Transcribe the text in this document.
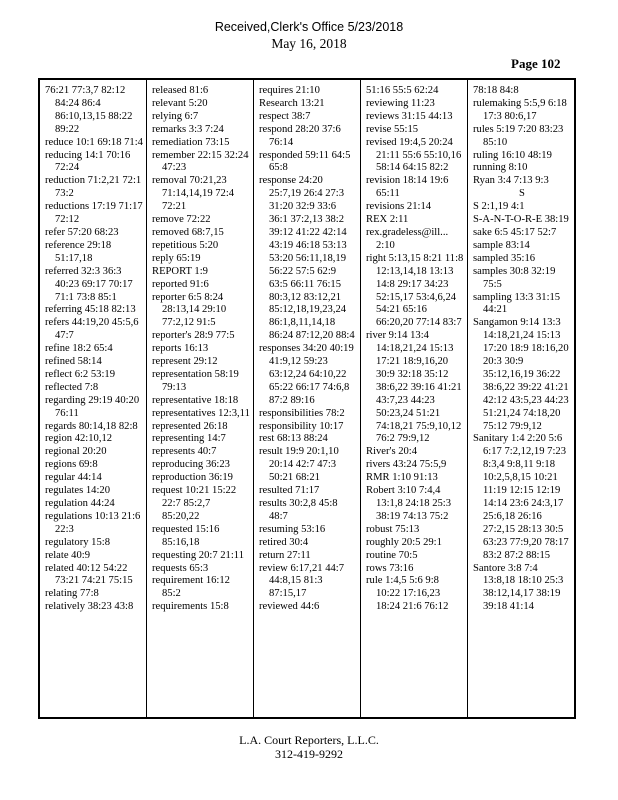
Received,Clerk's Office 5/23/2018
May 16, 2018
Page 102

76:21 77:3,7 82:12 84:24 86:4 86:10,13,15 88:22 89:22

reduce 10:1 69:18 71:4

reducing 14:1 70:16 72:24

reduction 71:2,21 72:1 73:2

reductions 17:19 71:17 72:12

refer 57:20 68:23

reference 29:18 51:17,18

referred 32:3 36:3 40:23 69:17 70:17 71:1 73:8 85:1

referring 45:18 82:13

refers 44:19,20 45:5,6 47:7

refine 18:2 65:4

refined 58:14

reflect 6:2 53:19

reflected 7:8

regarding 29:19 40:20 76:11

regards 80:14,18 82:8

region 42:10,12

regional 20:20

regions 69:8

regular 44:14

regulates 14:20

regulation 44:24

regulations 10:13 21:6 22:3

regulatory 15:8

relate 40:9

related 40:12 54:22 73:21 74:21 75:15

relating 77:8

relatively 38:23 43:8

released 81:6

relevant 5:20

relying 6:7

remarks 3:3 7:24

remediation 73:15

remember 22:15 32:24 47:23

removal 70:21,23 71:14,14,19 72:4 72:21

remove 72:22

removed 68:7,15

repetitious 5:20

reply 65:19

REPORT 1:9

reported 91:6

reporter 6:5 8:24 28:13,14 29:10 77:2,12 91:5

reporter's 28:9 77:5

reports 16:13

represent 29:12

representation 58:19 79:13

representative 18:18

representatives 12:3,11

represented 26:18

representing 14:7

represents 40:7

reproducing 36:23

reproduction 36:19

request 10:21 15:22 22:7 85:2,7 85:20,22

requested 15:16 85:16,18

requesting 20:7 21:11

requests 65:3

requirement 16:12 85:2

requirements 15:8

requires 21:10

Research 13:21

respect 38:7

respond 28:20 37:6 76:14

responded 59:11 64:5 65:8

response 24:20 25:7,19 26:4 27:3 31:20 32:9 33:6 36:1 37:2,13 38:2 39:12 41:22 42:14 43:19 46:18 53:13 53:20 56:11,18,19 56:22 57:5 62:9 63:5 66:11 76:15 80:3,12 83:12,21 85:12,18,19,23,24 86:1,8,11,14,18 86:24 87:12,20 88:4

responses 34:20 40:19 41:9,12 59:23 63:12,24 64:10,22 65:22 66:17 74:6,8 87:2 89:16

responsibilities 78:2

responsibility 10:17

rest 68:13 88:24

result 19:9 20:1,10 20:14 42:7 47:3 50:21 68:21

resulted 71:17

results 30:2,8 45:8 48:7

resuming 53:16

retired 30:4

return 27:11

review 6:17,21 44:7 44:8,15 81:3 87:15,17

reviewed 44:6

51:16 55:5 62:24

reviewing 11:23

reviews 31:15 44:13

revise 55:15

revised 19:4,5 20:24 21:11 55:6 55:10,16 58:14 64:15 82:2

revision 18:14 19:6 65:11

revisions 21:14

REX 2:11

rex.gradeless@ill... 2:10

right 5:13,15 8:21 11:8 12:13,14,18 13:13 14:8 29:17 34:23 52:15,17 53:4,6,24 54:21 65:16 66:20,20 77:14 83:7

river 9:14 13:4 14:18,21,24 15:13 17:21 18:9,16,20 30:9 32:18 35:12 38:6,22 39:16 41:21 43:7,23 44:23 50:23,24 51:21 74:18,21 75:9,10,12 76:2 79:9,12

River's 20:4

rivers 43:24 75:5,9

RMR 1:10 91:13

Robert 3:10 7:4,4 13:1,8 24:18 25:3 38:19 74:13 75:2

robust 75:13

roughly 20:5 29:1

routine 70:5

rows 73:16

rule 1:4,5 5:6 9:8 10:22 17:16,23 18:24 21:6 76:12

78:18 84:8

rulemaking 5:5,9 6:18 17:3 80:6,17

rules 5:19 7:20 83:23 85:10

ruling 16:10 48:19

running 8:10

Ryan 3:4 7:13 9:3

S

S 2:1,19 4:1

S-A-N-T-O-R-E 38:19

sake 6:5 45:17 52:7

sample 83:14

sampled 35:16

samples 30:8 32:19 75:5

sampling 13:3 31:15 44:21

Sangamon 9:14 13:3 14:18,21,24 15:13 17:20 18:9 18:16,20 20:3 30:9 35:12,16,19 36:22 38:6,22 39:22 41:21 42:12 43:5,23 44:23 51:21,24 74:18,20 75:12 79:9,12

Sanitary 1:4 2:20 5:6 6:17 7:2,12,19 7:23 8:3,4 9:8,11 9:18 10:2,5,8,15 10:21 11:19 12:15 12:19 14:14 23:6 24:3,17 25:6,18 26:16 27:2,15 28:13 30:5 63:23 77:9,20 78:17 83:2 87:2 88:15

Santore 3:8 7:4 13:8,18 18:10 25:3 38:12,14,17 38:19 39:18 41:14

L.A. Court Reporters, L.L.C.
312-419-9292
